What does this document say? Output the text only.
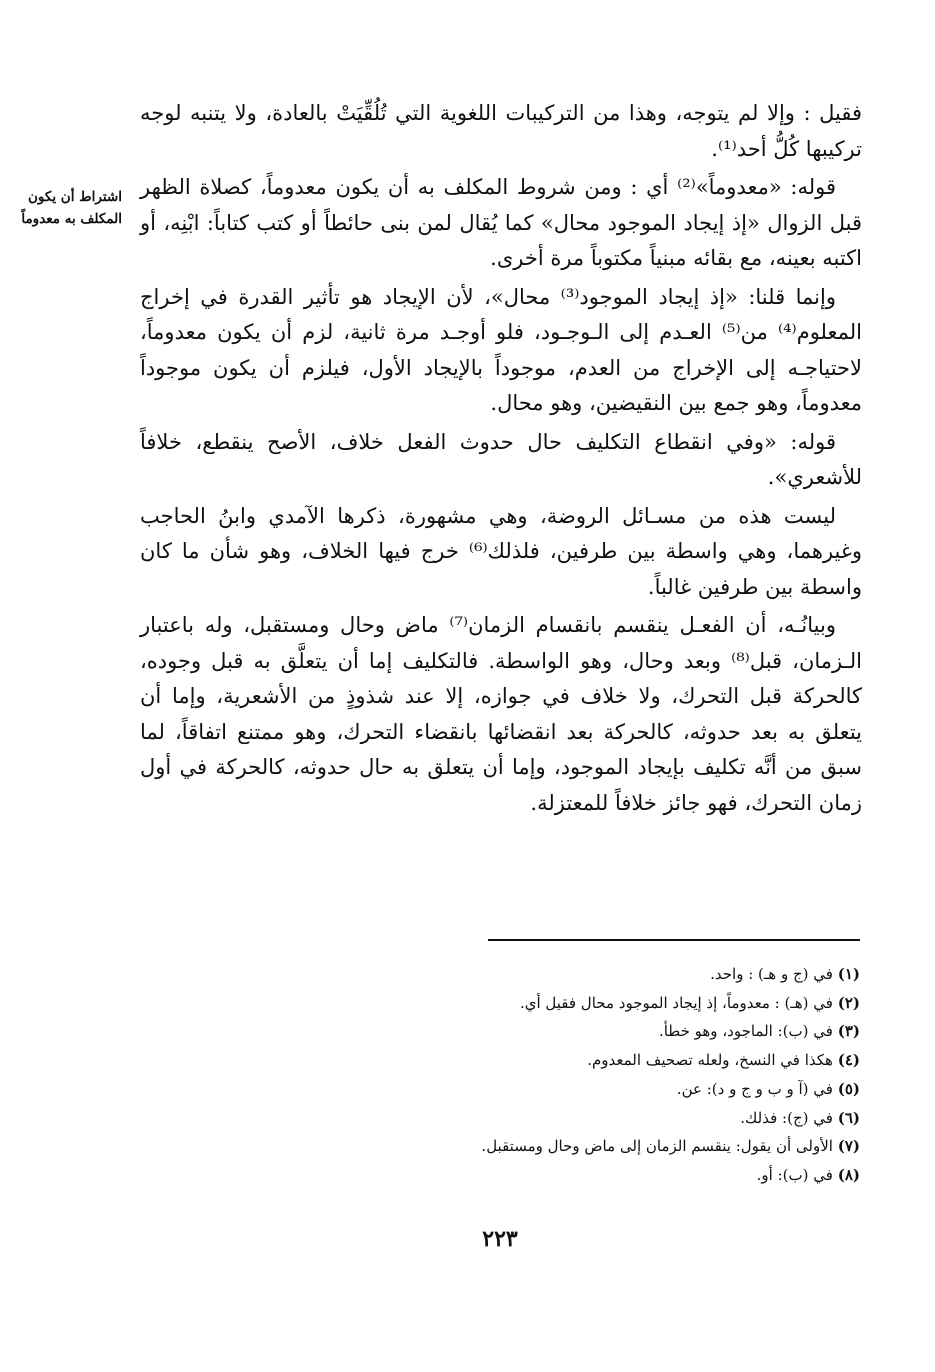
اشتراط أن يكون المكلف به معدوماً

فقيل : وإلا لم يتوجه، وهذا من التركيبات اللغوية التي تُلُقِّيَتْ بالعادة، ولا يتنبه لوجه تركيبها كُلُّ أحد⁽¹⁾.

قوله: «معدوماً»⁽²⁾ أي : ومن شروط المكلف به أن يكون معدوماً، كصلاة الظهر قبل الزوال «إذ إيجاد الموجود محال» كما يُقال لمن بنى حائطاً أو كتب كتاباً: ابْنِه، أو اكتبه بعينه، مع بقائه مبنياً مكتوباً مرة أخرى.

وإنما قلنا: «إذ إيجاد الموجود⁽³⁾ محال»، لأن الإيجاد هو تأثير القدرة في إخراج المعلوم⁽⁴⁾ من⁽⁵⁾ العـدم إلى الـوجـود، فلو أوجـد مرة ثانية، لزم أن يكون معدوماً، لاحتياجـه إلى الإخراج من العدم، موجوداً بالإيجاد الأول، فيلزم أن يكون موجوداً معدوماً، وهو جمع بين النقيضين، وهو محال.

قوله: «وفي انقطاع التكليف حال حدوث الفعل خلاف، الأصح ينقطع، خلافاً للأشعري».

ليست هذه من مسـائل الروضة، وهي مشهورة، ذكرها الآمدي وابنُ الحاجب وغيرهما، وهي واسطة بين طرفين، فلذلك⁽⁶⁾ خرج فيها الخلاف، وهو شأن ما كان واسطة بين طرفين غالباً.

وبيانُـه، أن الفعـل ينقسم بانقسام الزمان⁽⁷⁾ ماض وحال ومستقبل، وله باعتبار الـزمان، قبل⁽⁸⁾ وبعد وحال، وهو الواسطة. فالتكليف إما أن يتعلَّق به قبل وجوده، كالحركة قبل التحرك، ولا خلاف في جوازه، إلا عند شذوذٍ من الأشعرية، وإما أن يتعلق به بعد حدوثه، كالحركة بعد انقضائها بانقضاء التحرك، وهو ممتنع اتفاقاً، لما سبق من أنَّه تكليف بإيجاد الموجود، وإما أن يتعلق به حال حدوثه، كالحركة في أول زمان التحرك، فهو جائز خلافاً للمعتزلة.

(١) في (ج و هـ) : واحد.
(٢) في (هـ) : معدوماً، إذ إيجاد الموجود محال فقيل أي.
(٣) في (ب): الماجود، وهو خطأ.
(٤) هكذا في النسخ، ولعله تصحيف المعدوم.
(٥) في (آ و ب و ج و د): عن.
(٦) في (ج): فذلك.
(٧) الأولى أن يقول: ينقسم الزمان إلى ماض وحال ومستقبل.
(٨) في (ب): أو.
٢٢٣
